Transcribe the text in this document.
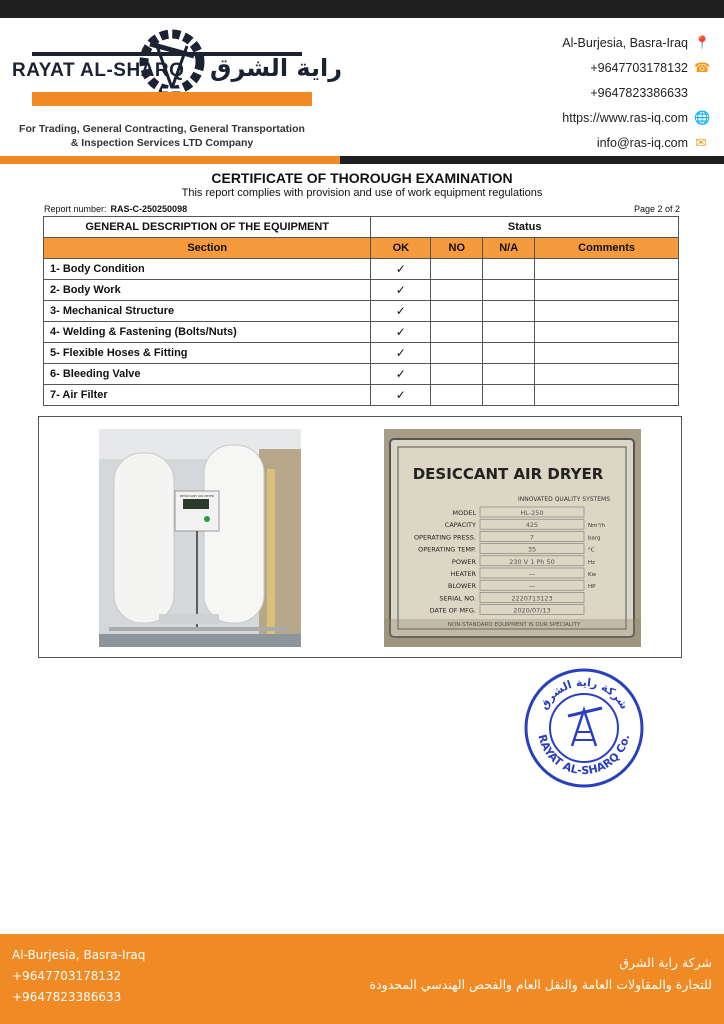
RAYAT AL-SHARQ راية الشرق
For Trading, General Contracting, General Transportation
& Inspection Services LTD Company
Al-Burjesia, Basra-Iraq 📍
+9647703178132 ☎
+9647823386633
https://www.ras-iq.com 🌐
info@ras-iq.com ✉
CERTIFICATE OF THOROUGH EXAMINATION
This report complies with provision and use of work equipment regulations
Report number: RAS-C-250250098	Page 2 of 2
GENERAL DESCRIPTION OF THE EQUIPMENT	Status			
Section	OK	NO	N/A	Comments
1- Body Condition	✓			
2- Body Work	✓			
3- Mechanical Structure	✓			
4- Welding & Fastening (Bolts/Nuts)	✓			
5- Flexible Hoses & Fitting	✓			
6- Bleeding Valve	✓			
7- Air Filter	✓			
DESICCANT AIR DRYER
DESICCANT AIR DRYER
INNOVATED QUALITY SYSTEMS
MODEL	HL-250
CAPACITY	425	Nm³/h
OPERATING PRESS.	7	barg
OPERATING TEMP.	35	°C
POWER	230 V 1 Ph 50	Hz
HEATER	—	Kw
BLOWER	—	HP
SERIAL NO.	2220713123
DATE OF MFG.	2020/07/13
NON-STANDARD EQUIPMENT IS OUR SPECIALITY
شركة راية الشرق
RAYAT AL-SHARQ Co.
Al-Burjesia, Basra-Iraq
+9647703178132
+9647823386633
شركة راية الشرق
للتجارة والمقاولات العامة والنقل العام والفحص الهندسي المحدودة
